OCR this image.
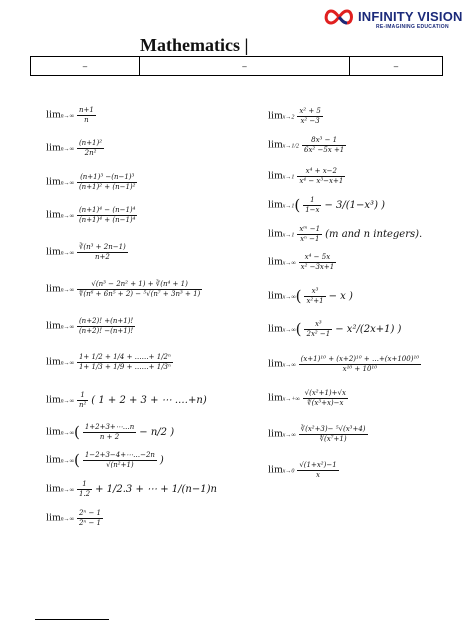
INFINITY VISION
RE-IMAGINING EDUCATION
Mathematics |
–	–	–
$\lim n\to\infty \frac{n+1}{n}$
$\lim n\to\infty \frac{\text{(n+1)²}}{\text{2n²}}$
$\lim n\to\infty \frac{\text{(n+1)³ −(n−1)³}}{\text{(n+1)² + (n−1)²}}$
$\lim n\to\infty \frac{\text{(n+1)⁴ − (n−1)⁴}}{\text{(n+1)⁴ + (n−1)⁴}}$
$\lim n\to\infty \frac{\text{∛(n³ + 2n−1)}}{n+2}$
$\lim n\to\infty \frac{\text{√(n³ − 2n² + 1) + ∛(n⁴ + 1)}}{\text{∜(n⁶ + 6n⁵ + 2) − ⁵√(n⁷ + 3n³ + 1)}}$
$\lim n\to\infty \frac{(n+2)! +(n+1)!}{(n+2)! -(n+1)!}$
$\lim n\to\infty \frac{\text{1+ 1/2 + 1/4 + ……+ 1/2ⁿ}}{\text{1+ 1/3 + 1/9 + ……+ 1/3ⁿ}}$
$\lim n\to\infty \frac{1}{\text{n²}}$ ( 1 + 2 + 3 + ⋯ .…+n)
$\lim n\to\infty( \frac{1+2+3+\cdots\dots n}{n + 2} - n/2$ )
$\lim n\to\infty( \frac{1-2+3-4+\cdots\dots-2n}{\text{√(n²+1)}}$ )
$\lim n\to\infty \frac{1}{1.2} + 1/2.3$ + ⋯ + 1/(n−1)n
$\lim n\to\infty \frac{\text{2ⁿ − 1}}{\text{2ⁿ − 1}}$
$\lim x\to 2 \frac{\text{x² + 5}}{\text{x² −3}}$
$\lim x\to 1/2 \frac{\text{8x³ − 1}}{\text{6x² −5x +1}}$
$\lim x\to 1 \frac{\text{x⁴ + x−2}}{\text{x⁴ − x³−x+1}}$
$\lim x\to 1( \frac{1}{1-x} - 3/(1-x^3)$ )
$\lim x\to 1 \frac{\text{xᵐ −1}}{\text{xⁿ −1}} (m$ and n integers).
$\lim x\to\infty \frac{\text{x⁴ − 5x}}{\text{x² −3x+1}}$
$\lim x\to\infty( \frac{\text{x³}}{\text{x²+1}} - x$ )
$\lim x\to\infty( \frac{\text{x³}}{\text{2x² −1}} - x^2/(2x+1)$ )
$\lim x\to\infty \frac{\text{(x+1)¹⁰ + (x+2)¹⁰ + …+(x+100)¹⁰}}{\text{x¹⁰ + 10¹⁰}}$
$\lim x\to+\infty \frac{\text{√(x²+1)+√x}}{\text{∜(x³+x)−x}}$
$\lim x\to\infty \frac{\text{∛(x²+3)− ⁵√(x³+4)}}{\text{∜(x⁷+1)}}$
$\lim x\to 0 \frac{\text{√(1+x²)−1}}{x}$
